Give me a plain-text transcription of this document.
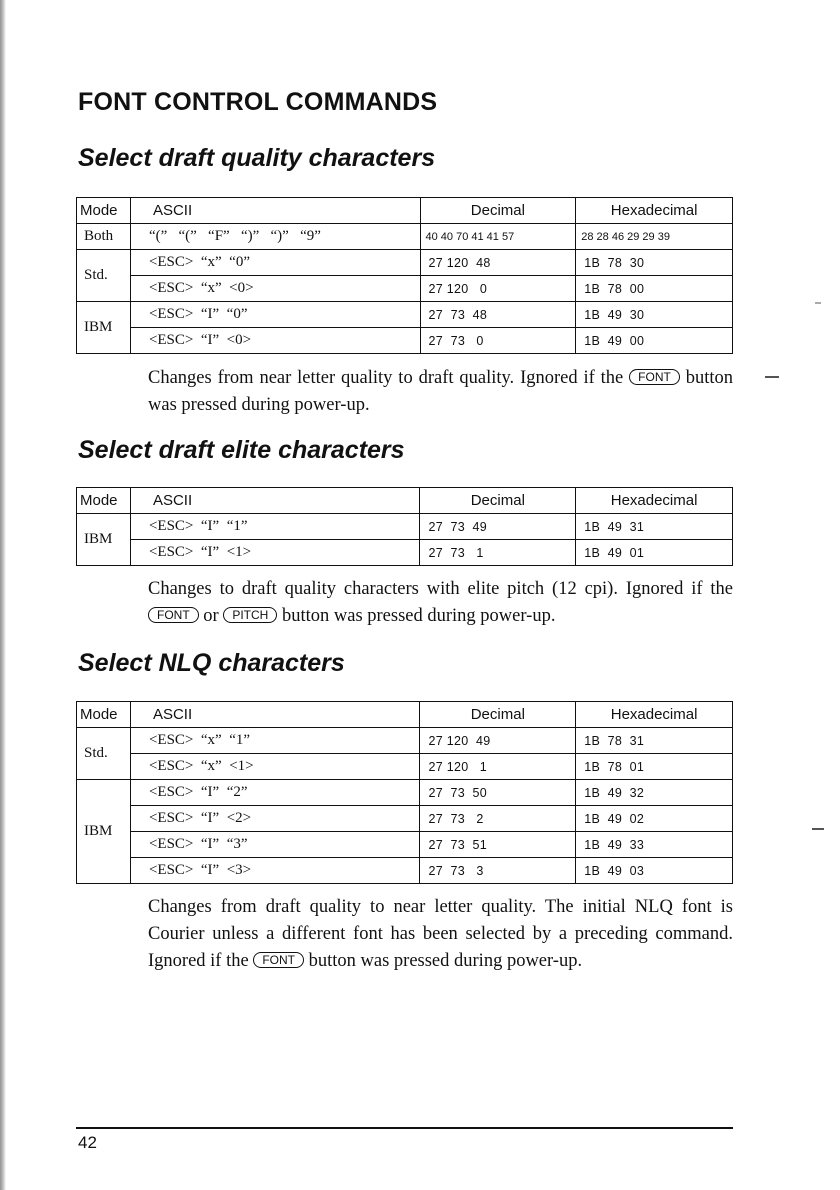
FONT CONTROL COMMANDS
Select draft quality characters
Mode	ASCII	Decimal	Hexadecimal
Both	“(”   “(”   “F”   “)”   “)”   “9”	40 40 70 41 41 57	28 28 46 29 29 39
Std.	<ESC>  “x”  “0”	27 120  48	1B  78  30
	<ESC>  “x”  <0>	27 120   0	1B  78  00
IBM	<ESC>  “I”  “0”	27  73  48	1B  49  30
	<ESC>  “I”  <0>	27  73   0	1B  49  00

Changes from near letter quality to draft quality. Ignored if the FONT button was pressed during power-up.

Select draft elite characters
Mode	ASCII	Decimal	Hexadecimal
IBM	<ESC>  “I”  “1”	27  73  49	1B  49  31
	<ESC>  “I”  <1>	27  73   1	1B  49  01

Changes to draft quality characters with elite pitch (12 cpi). Ignored if the FONT or PITCH button was pressed during power-up.

Select NLQ characters
Mode	ASCII	Decimal	Hexadecimal
Std.	<ESC>  “x”  “1”	27 120  49	1B  78  31
	<ESC>  “x”  <1>	27 120   1	1B  78  01
IBM	<ESC>  “I”  “2”	27  73  50	1B  49  32
	<ESC>  “I”  <2>	27  73   2	1B  49  02
	<ESC>  “I”  “3”	27  73  51	1B  49  33
	<ESC>  “I”  <3>	27  73   3	1B  49  03

Changes from draft quality to near letter quality. The initial NLQ font is Courier unless a different font has been selected by a preceding command. Ignored if the FONT button was pressed during power-up.

42
